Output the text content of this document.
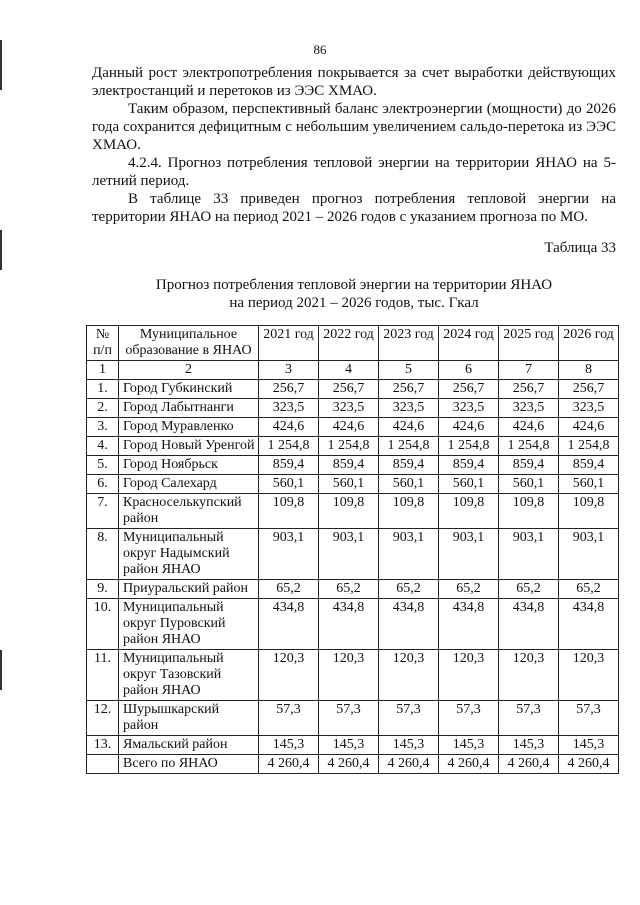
86

Данный рост электропотребления покрывается за счет выработки действующих электростанций и перетоков из ЭЭС ХМАО.

Таким образом, перспективный баланс электроэнергии (мощности) до 2026 года сохранится дефицитным с небольшим увеличением сальдо-перетока из ЭЭС ХМАО.

4.2.4. Прогноз потребления тепловой энергии на территории ЯНАО на 5-летний период.

В таблице 33 приведен прогноз потребления тепловой энергии на территории ЯНАО на период 2021 – 2026 годов с указанием прогноза по МО.

Таблица 33
Прогноз потребления тепловой энергии на территории ЯНАО
на период 2021 – 2026 годов, тыс. Гкал
№ п/п	Муниципальное образование в ЯНАО	2021 год	2022 год	2023 год	2024 год	2025 год	2026 год
1	2	3	4	5	6	7	8
1.	Город Губкинский	256,7	256,7	256,7	256,7	256,7	256,7
2.	Город Лабытнанги	323,5	323,5	323,5	323,5	323,5	323,5
3.	Город Муравленко	424,6	424,6	424,6	424,6	424,6	424,6
4.	Город Новый Уренгой	1 254,8	1 254,8	1 254,8	1 254,8	1 254,8	1 254,8
5.	Город Ноябрьск	859,4	859,4	859,4	859,4	859,4	859,4
6.	Город Салехард	560,1	560,1	560,1	560,1	560,1	560,1
7.	Красноселькупский район	109,8	109,8	109,8	109,8	109,8	109,8
8.	Муниципальный округ Надымский район ЯНАО	903,1	903,1	903,1	903,1	903,1	903,1
9.	Приуральский район	65,2	65,2	65,2	65,2	65,2	65,2
10.	Муниципальный округ Пуровский район ЯНАО	434,8	434,8	434,8	434,8	434,8	434,8
11.	Муниципальный округ Тазовский район ЯНАО	120,3	120,3	120,3	120,3	120,3	120,3
12.	Шурышкарский район	57,3	57,3	57,3	57,3	57,3	57,3
13.	Ямальский район	145,3	145,3	145,3	145,3	145,3	145,3
	Всего по ЯНАО	4 260,4	4 260,4	4 260,4	4 260,4	4 260,4	4 260,4
